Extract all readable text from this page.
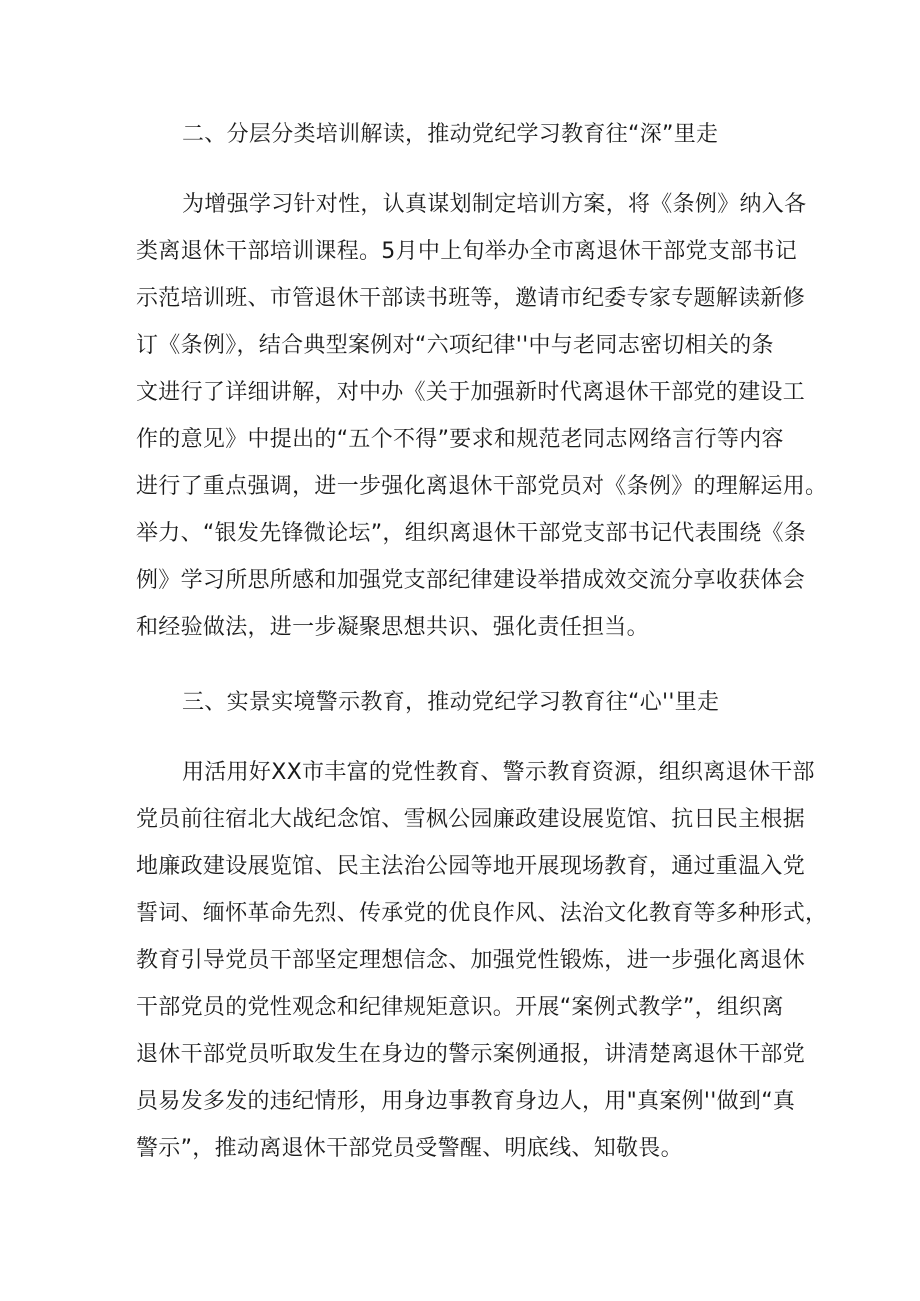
二、分层分类培训解读，推动党纪学习教育往“深”里走
为增强学习针对性，认真谋划制定培训方案，将《条例》纳入各
类离退休干部培训课程。5月中上旬举办全市离退休干部党支部书记
示范培训班、市管退休干部读书班等，邀请市纪委专家专题解读新修
订《条例》，结合典型案例对“六项纪律''中与老同志密切相关的条
文进行了详细讲解，对中办《关于加强新时代离退休干部党的建设工
作的意见》中提出的“五个不得”要求和规范老同志网络言行等内容
进行了重点强调，进一步强化离退休干部党员对《条例》的理解运用。
举力、“银发先锋微论坛”，组织离退休干部党支部书记代表围绕《条
例》学习所思所感和加强党支部纪律建设举措成效交流分享收获体会
和经验做法，进一步凝聚思想共识、强化责任担当。
三、实景实境警示教育，推动党纪学习教育往“心''里走
用活用好XX市丰富的党性教育、警示教育资源，组织离退休干部
党员前往宿北大战纪念馆、雪枫公园廉政建设展览馆、抗日民主根据
地廉政建设展览馆、民主法治公园等地开展现场教育，通过重温入党
誓词、缅怀革命先烈、传承党的优良作风、法治文化教育等多种形式，
教育引导党员干部坚定理想信念、加强党性锻炼，进一步强化离退休
干部党员的党性观念和纪律规矩意识。开展“案例式教学”，组织离
退休干部党员听取发生在身边的警示案例通报，讲清楚离退休干部党
员易发多发的违纪情形，用身边事教育身边人，用"真案例''做到“真
警示”，推动离退休干部党员受警醒、明底线、知敬畏。
